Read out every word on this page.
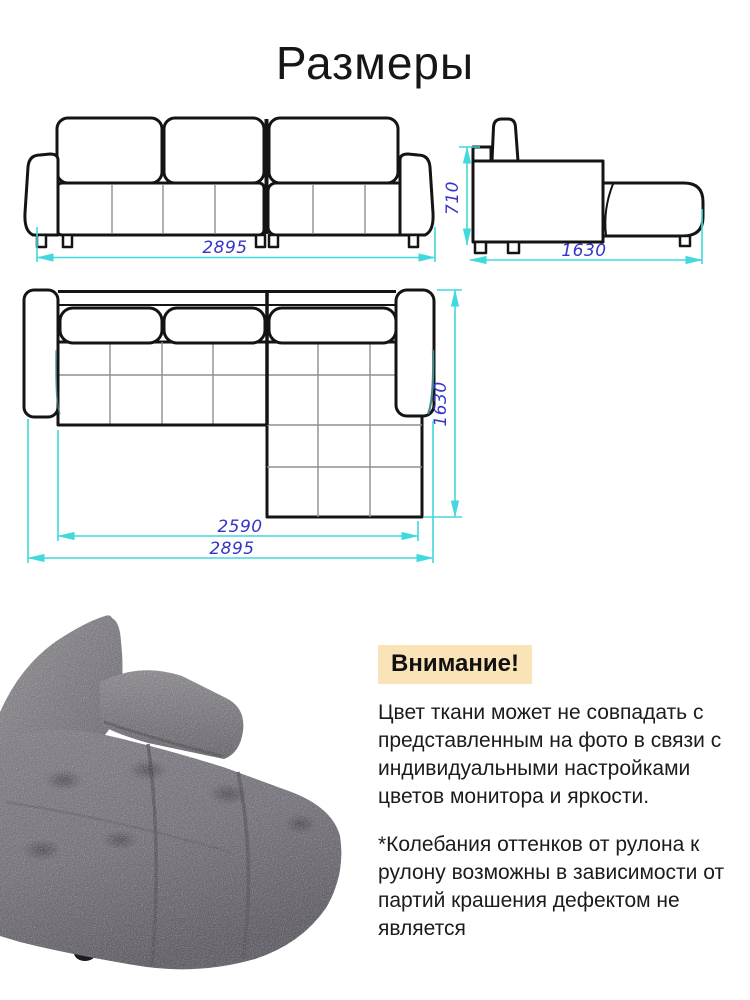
Размеры
2895
710
1630
1630
2590
2895
Внимание!

Цвет ткани может не совпадать с представленным на фото в связи с индивидуальными настройками цветов монитора и яркости.

*Колебания оттенков от рулона к рулону возможны в зависимости от партий крашения дефектом не является
